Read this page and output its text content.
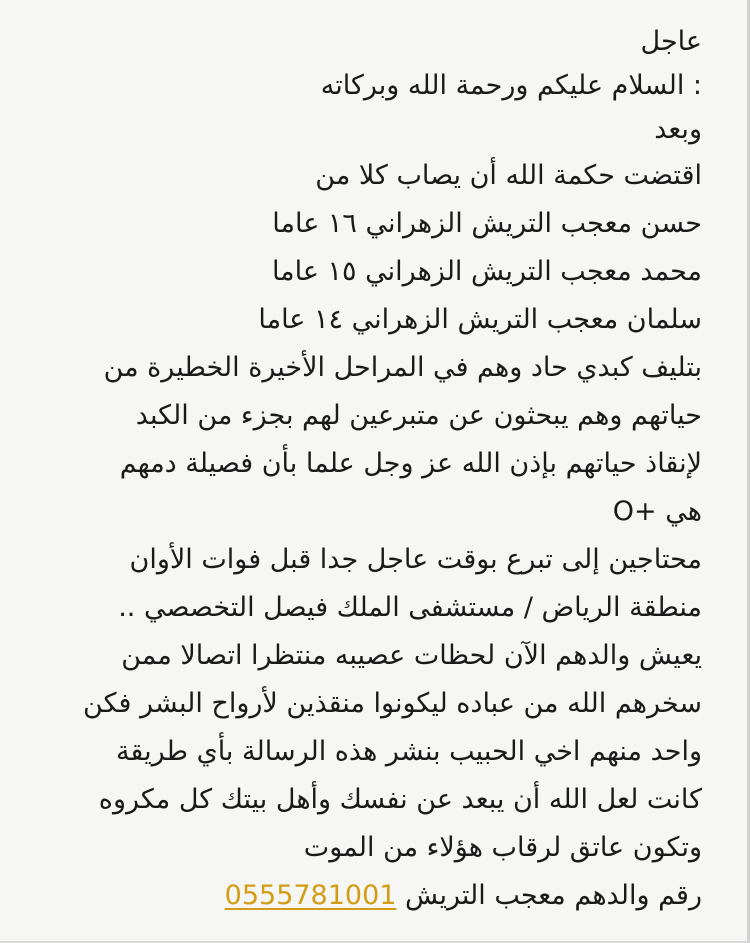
عاجل

: السلام عليكم ورحمة الله وبركاته

وبعد

اقتضت حكمة الله أن يصاب كلا من

حسن معجب التريش الزهراني ١٦ عاما

محمد معجب التريش الزهراني ١٥ عاما

سلمان معجب التريش الزهراني ١٤ عاما

بتليف كبدي حاد وهم في المراحل الأخيرة الخطيرة من

حياتهم وهم يبحثون عن متبرعين لهم بجزء من الكبد

لإنقاذ حياتهم بإذن الله عز وجل علما بأن فصيلة دمهم

هي +O

محتاجين إلى تبرع بوقت عاجل جدا قبل فوات الأوان

منطقة الرياض / مستشفى الملك فيصل التخصصي ..

يعيش والدهم الآن لحظات عصيبه منتظرا اتصالا ممن

سخرهم الله من عباده ليكونوا منقذين لأرواح البشر فكن

واحد منهم اخي الحبيب بنشر هذه الرسالة بأي طريقة

كانت لعل الله أن يبعد عن نفسك وأهل بيتك كل مكروه

وتكون عاتق لرقاب هؤلاء من الموت

رقم والدهم معجب التريش 0555781001
